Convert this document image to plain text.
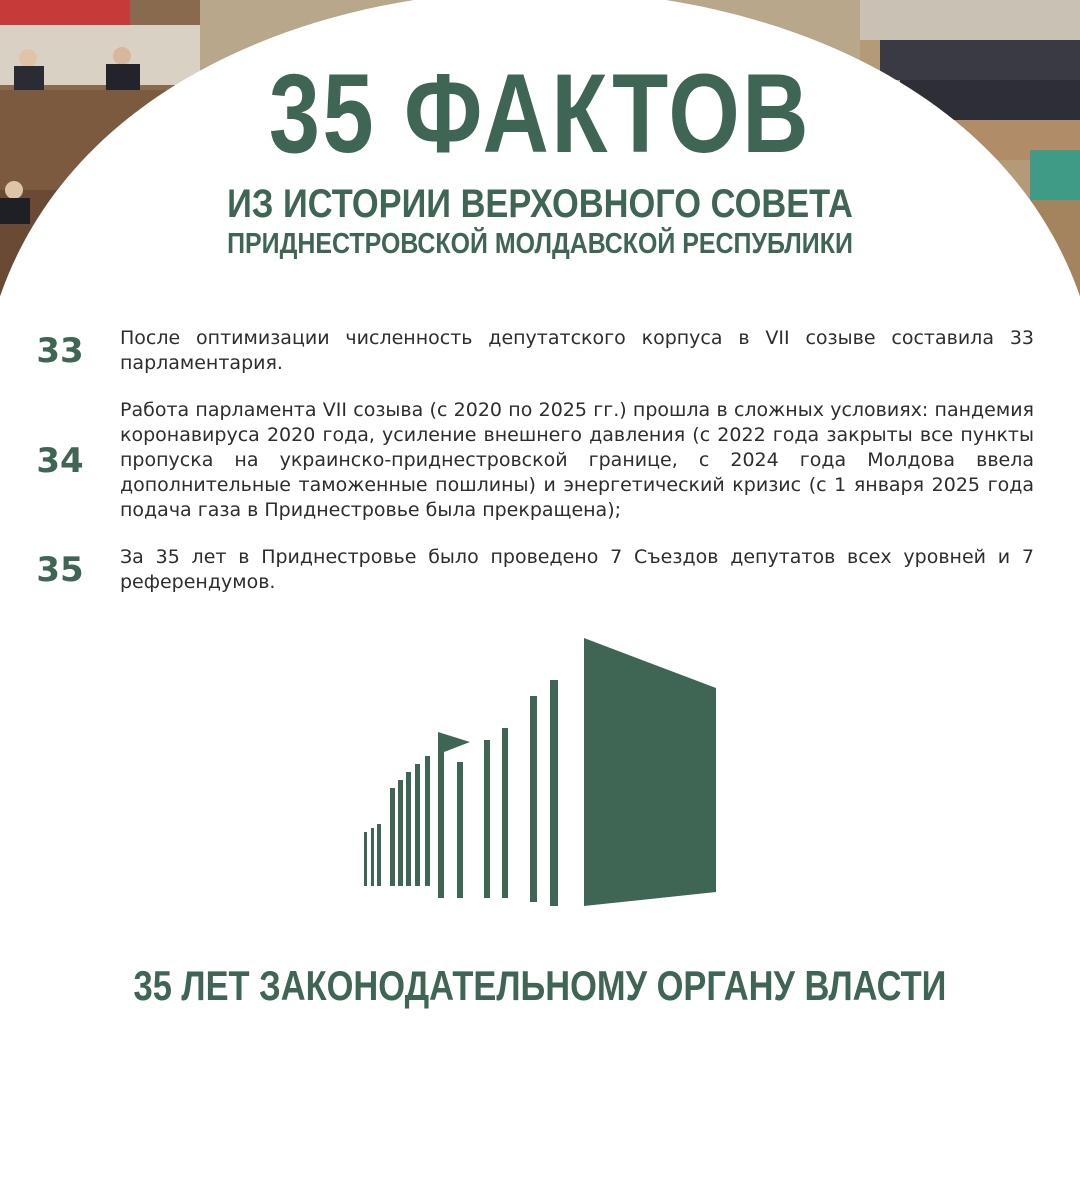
35 ФАКТОВ
ИЗ ИСТОРИИ ВЕРХОВНОГО СОВЕТА
ПРИДНЕСТРОВСКОЙ МОЛДАВСКОЙ РЕСПУБЛИКИ
33	После оптимизации численность депутатского корпуса в VII созыве составила 33 парламентария.
34
Работа парламента VII созыва (с 2020 по 2025 гг.) прошла в сложных условиях: пандемия коронавируса 2020 года, усиление внешнего давления (с 2022 года закрыты все пункты пропуска на украинско-приднестровской границе, с 2024 года Молдова ввела дополнительные таможенные пошлины) и энергетический кризис (с 1 января 2025 года подача газа в Приднестровье была прекращена);
35	За 35 лет в Приднестровье было проведено 7 Съездов депутатов всех уровней и 7 референдумов.
35 ЛЕТ ЗАКОНОДАТЕЛЬНОМУ ОРГАНУ ВЛАСТИ
